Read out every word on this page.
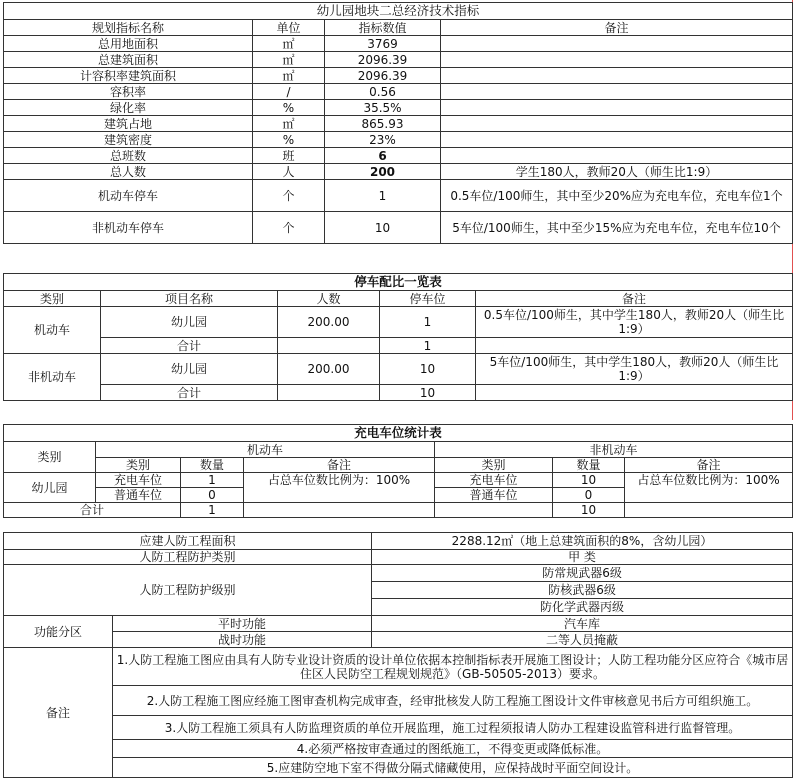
幼儿园地块二总经济技术指标			
规划指标名称	单位	指标数值	备注
总用地面积	㎡	3769	
总建筑面积	㎡	2096.39	
计容积率建筑面积	㎡	2096.39	
容积率	/	0.56	
绿化率	%	35.5%	
建筑占地	㎡	865.93	
建筑密度	%	23%	
总班数	班	6	
总人数	人	200	学生180人，教师20人（师生比1:9）
机动车停车	个	1	0.5车位/100师生，其中至少20%应为充电车位，充电车位1个
非机动车停车	个	10	5车位/100师生，其中至少15%应为充电车位，充电车位10个
停车配比一览表				
类别	项目名称	人数	停车位	备注
机动车	幼儿园	200.00	1	0.5车位/100师生，其中学生180人，教师20人（师生比1:9）
	合计		1	
非机动车	幼儿园	200.00	10	5车位/100师生，其中学生180人，教师20人（师生比1:9）
	合计		10	
充电车位统计表						
类别	机动车			非机动车		
	类别	数量	备注	类别	数量	备注
幼儿园	充电车位	1	占总车位数比例为：100%	充电车位	10	占总车位数比例为：100%
	普通车位	0		普通车位	0	
合计		1			10	
应建人防工程面积		2288.12㎡（地上总建筑面积的8%，含幼儿园）
人防工程防护类别		甲 类
人防工程防护级别		防常规武器6级
		防核武器6级
		防化学武器丙级
功能分区	平时功能	汽车库
	战时功能	二等人员掩蔽
备注	1.人防工程施工图应由具有人防专业设计资质的设计单位依据本控制指标表开展施工图设计；人防工程功能分区应符合《城市居住区人民防空工程规划规范》（GB-50505-2013）要求。	
	2.人防工程施工图应经施工图审查机构完成审查，经审批核发人防工程施工图设计文件审核意见书后方可组织施工。	
	3.人防工程施工须具有人防监理资质的单位开展监理，施工过程须报请人防办工程建设监管科进行监督管理。	
	4.必须严格按审查通过的图纸施工，不得变更或降低标准。	
	5.应建防空地下室不得做分隔式储藏使用，应保持战时平面空间设计。	
